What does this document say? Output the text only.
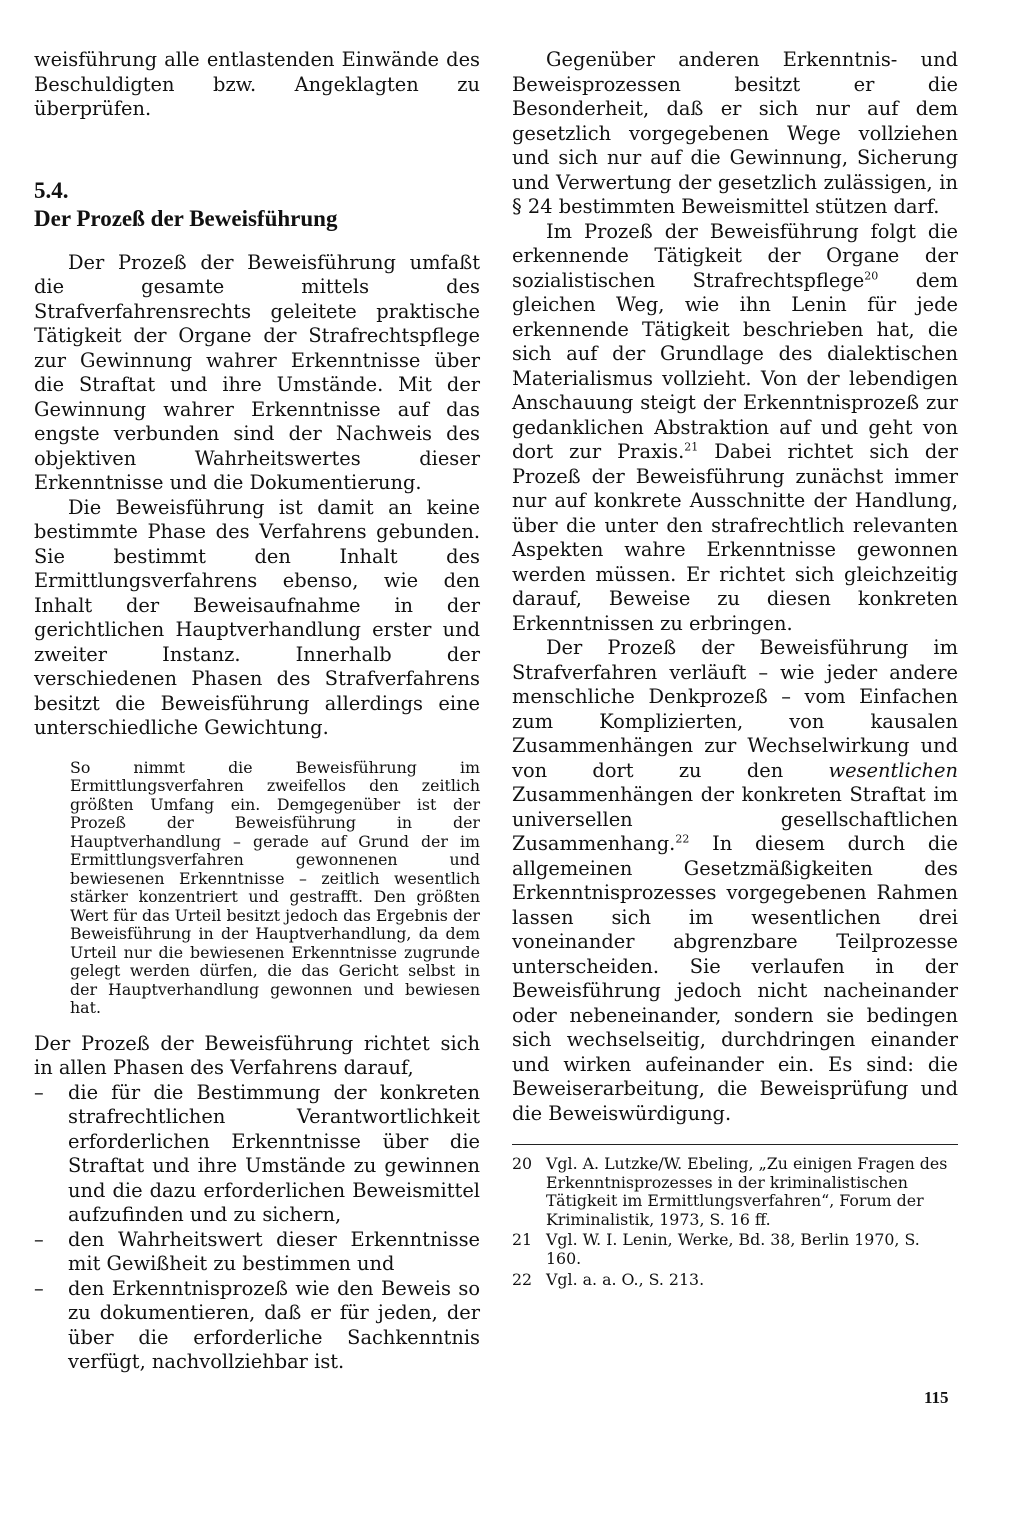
weisführung alle entlastenden Einwände des Beschuldigten bzw. Angeklagten zu überprüfen.

5.4.
Der Prozeß der Beweisführung

Der Prozeß der Beweisführung umfaßt die gesamte mittels des Strafverfahrensrechts geleitete praktische Tätigkeit der Organe der Strafrechtspflege zur Gewinnung wahrer Erkenntnisse über die Straftat und ihre Umstände. Mit der Gewinnung wahrer Erkenntnisse auf das engste verbunden sind der Nachweis des objektiven Wahrheitswertes dieser Erkenntnisse und die Dokumentierung.

Die Beweisführung ist damit an keine bestimmte Phase des Verfahrens gebunden. Sie bestimmt den Inhalt des Ermittlungsverfahrens ebenso, wie den Inhalt der Beweisaufnahme in der gerichtlichen Hauptverhandlung erster und zweiter Instanz. Innerhalb der verschiedenen Phasen des Strafverfahrens besitzt die Beweisführung allerdings eine unterschiedliche Gewichtung.

So nimmt die Beweisführung im Ermittlungsverfahren zweifellos den zeitlich größten Umfang ein. Demgegenüber ist der Prozeß der Beweisführung in der Hauptverhandlung – gerade auf Grund der im Ermittlungsverfahren gewonnenen und bewiesenen Erkenntnisse – zeitlich wesentlich stärker konzentriert und gestrafft. Den größten Wert für das Urteil besitzt jedoch das Ergebnis der Beweisführung in der Hauptverhandlung, da dem Urteil nur die bewiesenen Erkenntnisse zugrunde gelegt werden dürfen, die das Gericht selbst in der Hauptverhandlung gewonnen und bewiesen hat.

Der Prozeß der Beweisführung richtet sich in allen Phasen des Verfahrens darauf,

– die für die Bestimmung der konkreten strafrechtlichen Verantwortlichkeit erforderlichen Erkenntnisse über die Straftat und ihre Umstände zu gewinnen und die dazu erforderlichen Beweismittel aufzufinden und zu sichern,
– den Wahrheitswert dieser Erkenntnisse mit Gewißheit zu bestimmen und
– den Erkenntnisprozeß wie den Beweis so zu dokumentieren, daß er für jeden, der über die erforderliche Sachkenntnis verfügt, nachvollziehbar ist.

Gegenüber anderen Erkenntnis- und Beweisprozessen besitzt er die Besonderheit, daß er sich nur auf dem gesetzlich vorgegebenen Wege vollziehen und sich nur auf die Gewinnung, Sicherung und Verwertung der gesetzlich zulässigen, in § 24 bestimmten Beweismittel stützen darf.

Im Prozeß der Beweisführung folgt die erkennende Tätigkeit der Organe der sozialistischen Strafrechtspflege$^{20}$ dem gleichen Weg, wie ihn Lenin für jede erkennende Tätigkeit beschrieben hat, die sich auf der Grundlage des dialektischen Materialismus vollzieht. Von der lebendigen Anschauung steigt der Erkenntnisprozeß zur gedanklichen Abstraktion auf und geht von dort zur Praxis.$^{21}$ Dabei richtet sich der Prozeß der Beweisführung zunächst immer nur auf konkrete Ausschnitte der Handlung, über die unter den strafrechtlich relevanten Aspekten wahre Erkenntnisse gewonnen werden müssen. Er richtet sich gleichzeitig darauf, Beweise zu diesen konkreten Erkenntnissen zu erbringen.

Der Prozeß der Beweisführung im Strafverfahren verläuft – wie jeder andere menschliche Denkprozeß – vom Einfachen zum Komplizierten, von kausalen Zusammenhängen zur Wechselwirkung und von dort zu den wesentlichen Zusammenhängen der konkreten Straftat im universellen gesellschaftlichen Zusammenhang.$^{22}$ In diesem durch die allgemeinen Gesetzmäßigkeiten des Erkenntnisprozesses vorgegebenen Rahmen lassen sich im wesentlichen drei voneinander abgrenzbare Teilprozesse unterscheiden. Sie verlaufen in der Beweisführung jedoch nicht nacheinander oder nebeneinander, sondern sie bedingen sich wechselseitig, durchdringen einander und wirken aufeinander ein. Es sind: die Beweiserarbeitung, die Beweisprüfung und die Beweiswürdigung.

20 Vgl. A. Lutzke/W. Ebeling, „Zu einigen Fragen des Erkenntnisprozesses in der kriminalistischen Tätigkeit im Ermittlungsverfahren“, Forum der Kriminalistik, 1973, S. 16 ff.
21 Vgl. W. I. Lenin, Werke, Bd. 38, Berlin 1970, S. 160.
22 Vgl. a. a. O., S. 213.
115
